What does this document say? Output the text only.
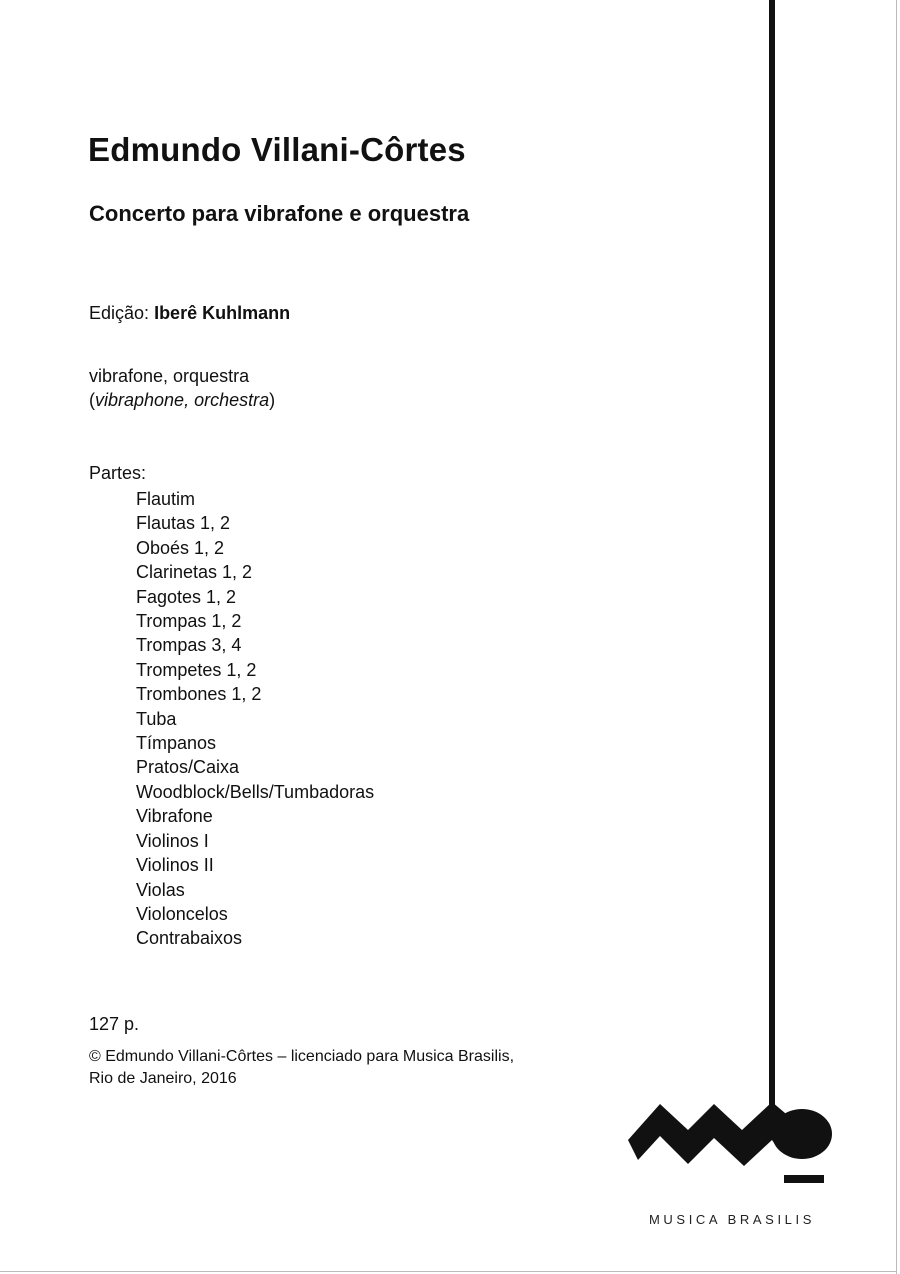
Edmundo Villani-Côrtes
Concerto para vibrafone e orquestra
Edição: Iberê Kuhlmann
vibrafone, orquestra
(vibraphone, orchestra)
Partes:
Flautim
Flautas 1, 2
Oboés 1, 2
Clarinetas 1, 2
Fagotes 1, 2
Trompas 1, 2
Trompas 3, 4
Trompetes 1, 2
Trombones 1, 2
Tuba
Tímpanos
Pratos/Caixa
Woodblock/Bells/Tumbadoras
Vibrafone
Violinos I
Violinos II
Violas
Violoncelos
Contrabaixos
127 p.
© Edmundo Villani-Côrtes – licenciado para Musica Brasilis,
Rio de Janeiro, 2016
MUSICA BRASILIS
